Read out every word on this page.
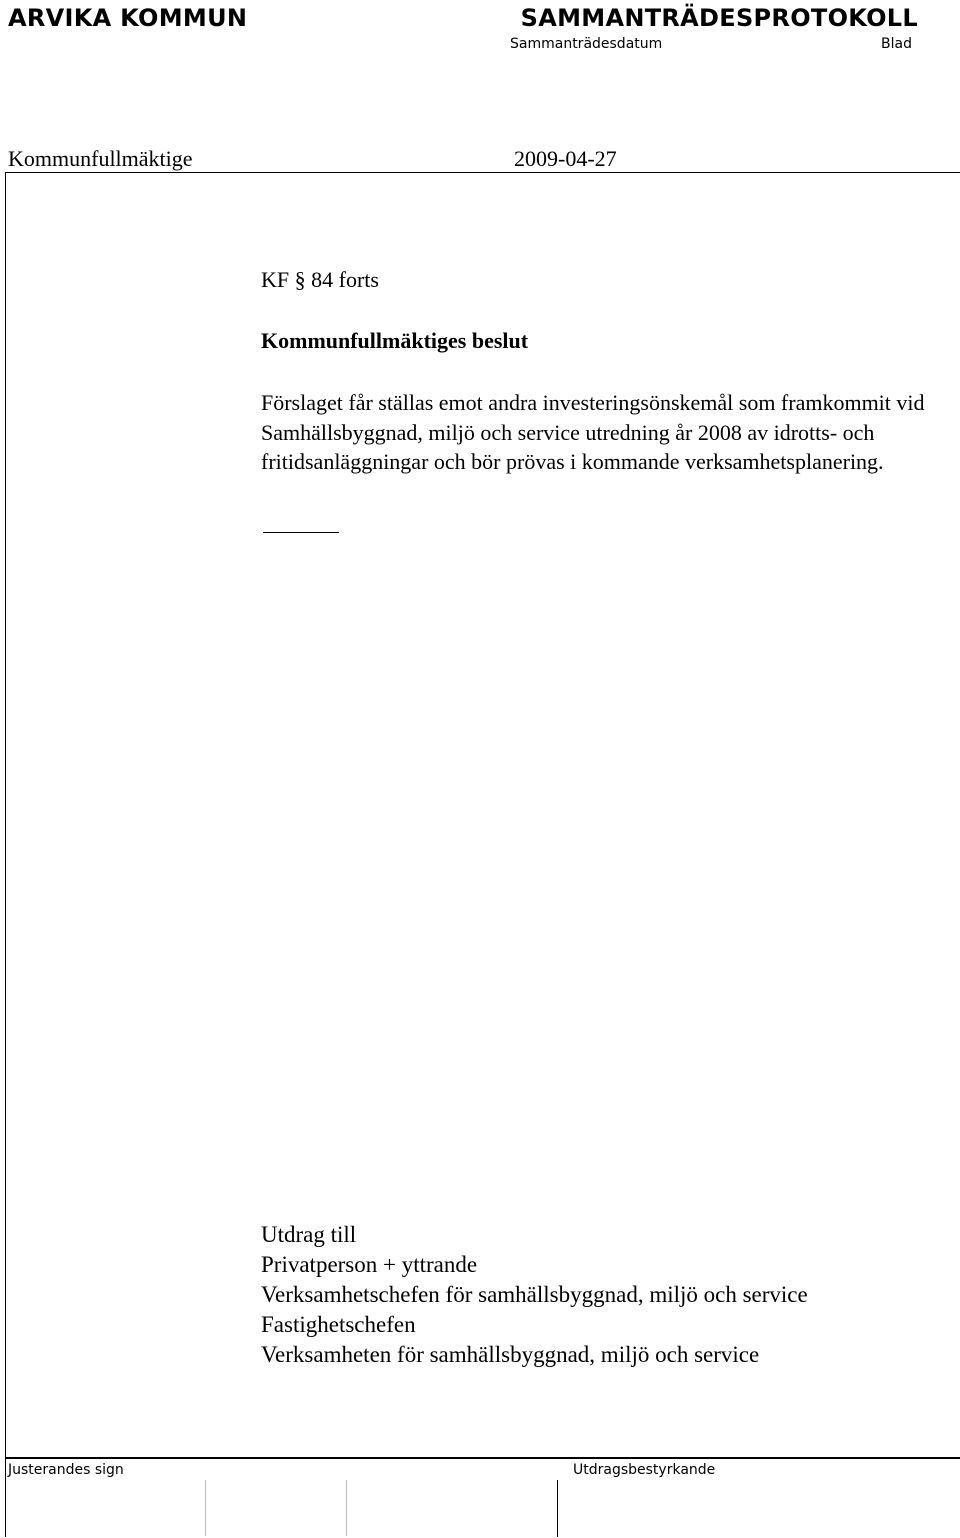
ARVIKA KOMMUN	SAMMANTRÄDESPROTOKOLL
Sammanträdesdatum	Blad
Kommunfullmäktige	2009-04-27
KF § 84 forts
Kommunfullmäktiges beslut
Förslaget får ställas emot andra investeringsönskemål som framkommit vid Samhällsbyggnad, miljö och service utredning år 2008 av idrotts- och fritidsanläggningar och bör prövas i kommande verksamhetsplanering.
Utdrag till
Privatperson + yttrande
Verksamhetschefen för samhällsbyggnad, miljö och service
Fastighetschefen
Verksamheten för samhällsbyggnad, miljö och service
Justerandes sign	Utdragsbestyrkande
